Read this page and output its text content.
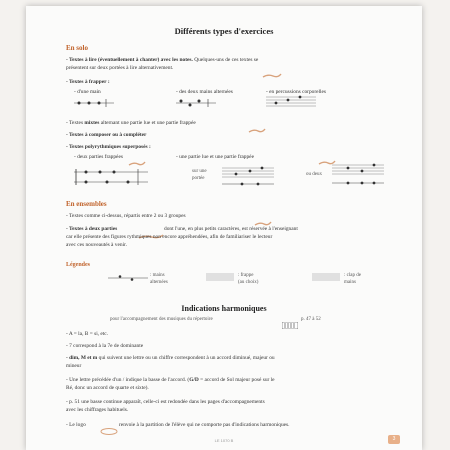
Différents types d'exercices
En solo
- Textes à lire (éventuellement à chanter) avec les notes. Quelques-uns de ces textes se
présentent sur deux portées à lire alternativement.
- Textes à frapper :
- d'une main	- des deux mains alternées	- en percussions corporelles
- Textes mixtes alternant une partie lue et une partie frappée
- Textes à composer ou à compléter
- Textes polyrythmiques superposés :
- deux parties frappées	- une partie lue et une partie frappée
sur une
portée
ou deux
En ensembles
- Textes comme ci-dessus, répartis entre 2 ou 3 groupes
- Textes à deux parties	dont l'une, en plus petits caractères, est réservée à l'enseignant
car elle présente des figures rythmiques non encore appréhendées, afin de familiariser le lecteur
avec ces nouveautés à venir.
Légendes
: mains
alternées
: frappe
(au choix)
: clap de
mains
Indications harmoniques
pour l'accompagnement des musiques du répertoire	p. 47 à 52
- A = la, B = si, etc.
- 7 correspond à la 7e de dominante
- dim, M et m qui suivent une lettre ou un chiffre correspondent à un accord diminué, majeur ou
mineur
- Une lettre précédée d'un / indique la basse de l'accord. (G/D = accord de Sol majeur posé sur le
Ré, donc un accord de quarte et sixte).
- p. 51 une basse continue apparaît, celle-ci est redondée dans les pages d'accompagnements
avec les chiffrages habituels.
- Le logo	renvoie à la partition de l'élève qui ne comporte pas d'indications harmoniques.
LE 1070 B	3
